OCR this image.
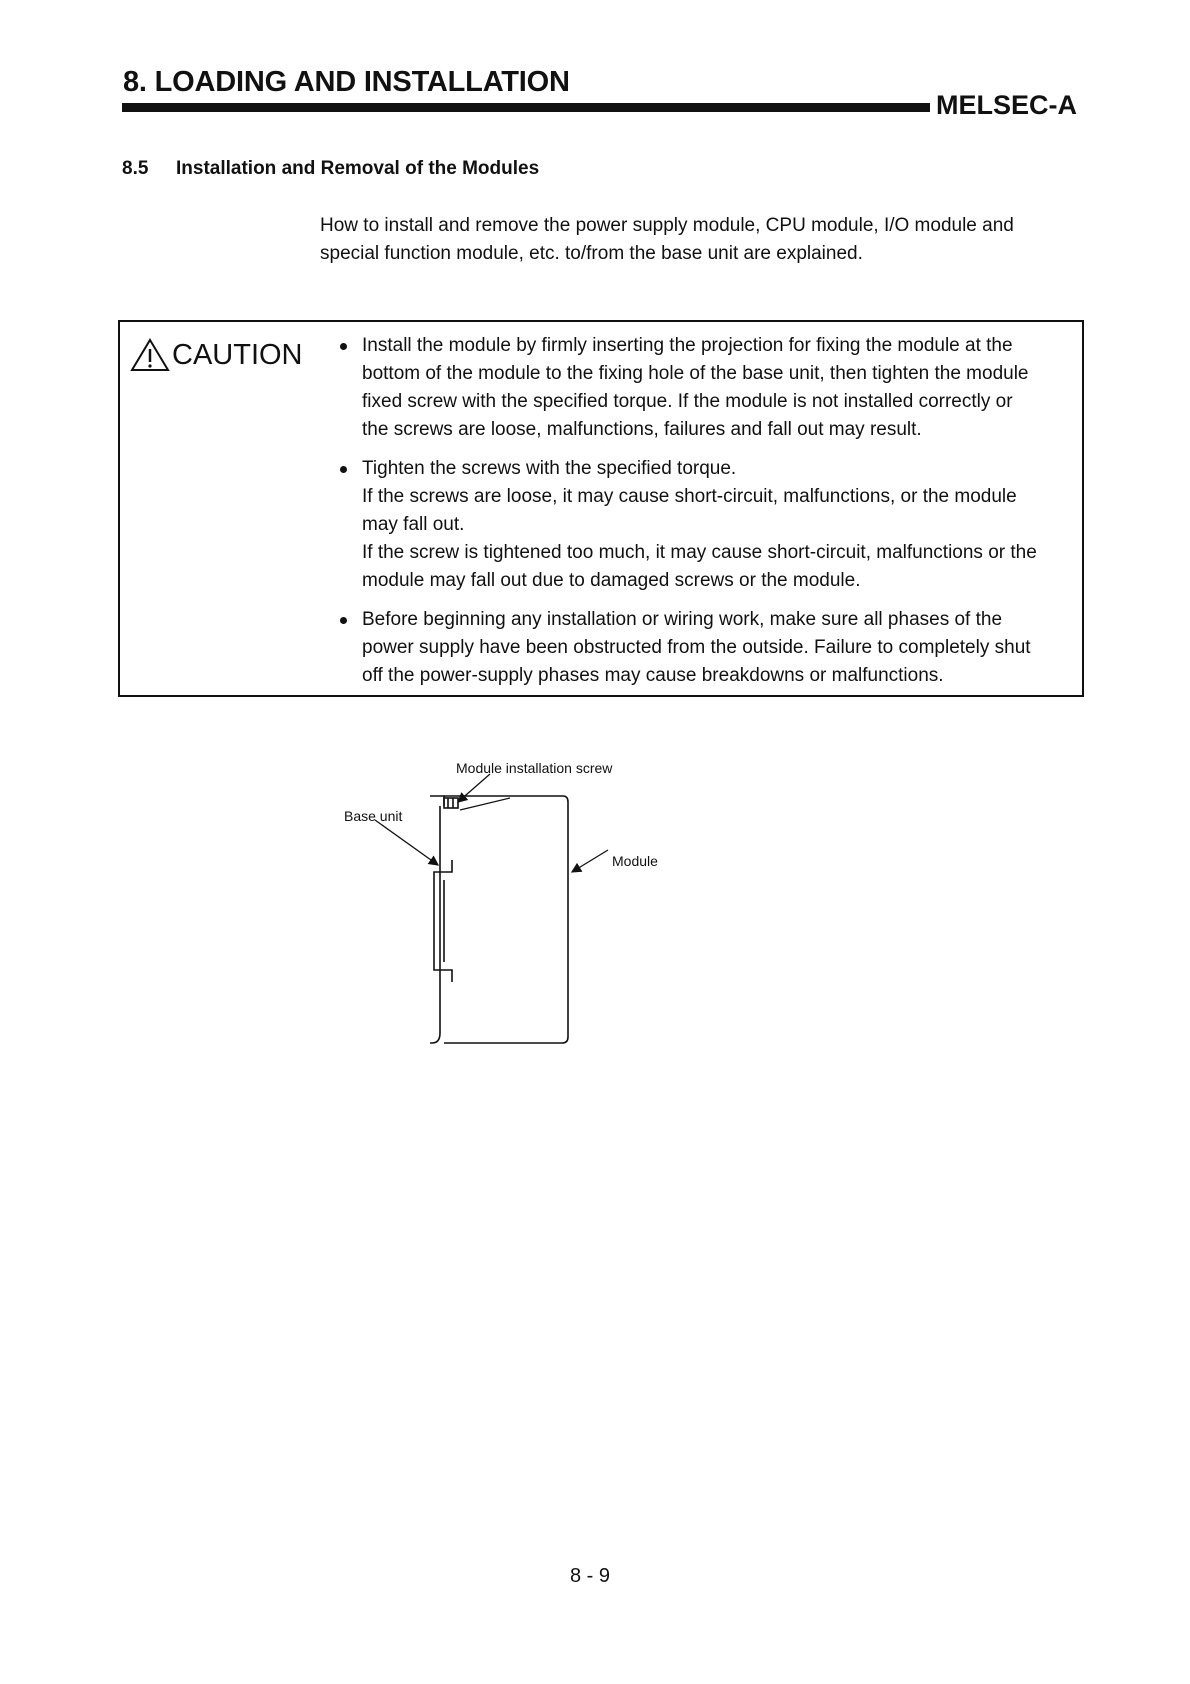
8. LOADING AND INSTALLATION
MELSEC-A
8.5 Installation and Removal of the Modules

How to install and remove the power supply module, CPU module, I/O module and
special function module, etc. to/from the base unit are explained.

CAUTION	Install the module by firmly inserting the projection for fixing the module at the
bottom of the module to the fixing hole of the base unit, then tighten the module
fixed screw with the specified torque. If the module is not installed correctly or
the screws are loose, malfunctions, failures and fall out may result.
Tighten the screws with the specified torque.
If the screws are loose, it may cause short-circuit, malfunctions, or the module
may fall out.
If the screw is tightened too much, it may cause short-circuit, malfunctions or the
module may fall out due to damaged screws or the module.
Before beginning any installation or wiring work, make sure all phases of the
power supply have been obstructed from the outside. Failure to completely shut
off the power-supply phases may cause breakdowns or malfunctions.

Module installation screw

Base unit

Module

8 - 9
